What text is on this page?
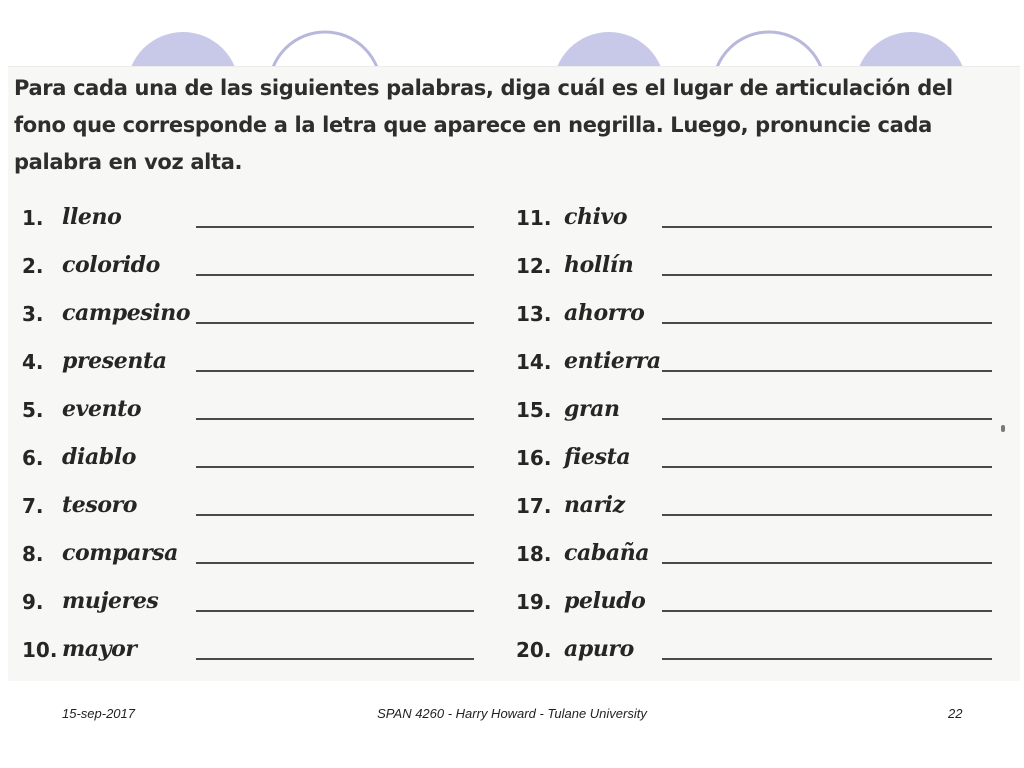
Para cada una de las siguientes palabras, diga cuál es el lugar de articulación del fono que corresponde a la letra que aparece en negrilla. Luego, pronuncie cada palabra en voz alta.

1. lleno
2. colorido
3. campesino
4. presenta
5. evento
6. diablo
7. tesoro
8. comparsa
9. mujeres
10. mayor
11. chivo
12. hollín
13. ahorro
14. entierra
15. gran
16. fiesta
17. nariz
18. cabaña
19. peludo
20. apuro
15-sep-2017	SPAN 4260 - Harry Howard - Tulane University	22
